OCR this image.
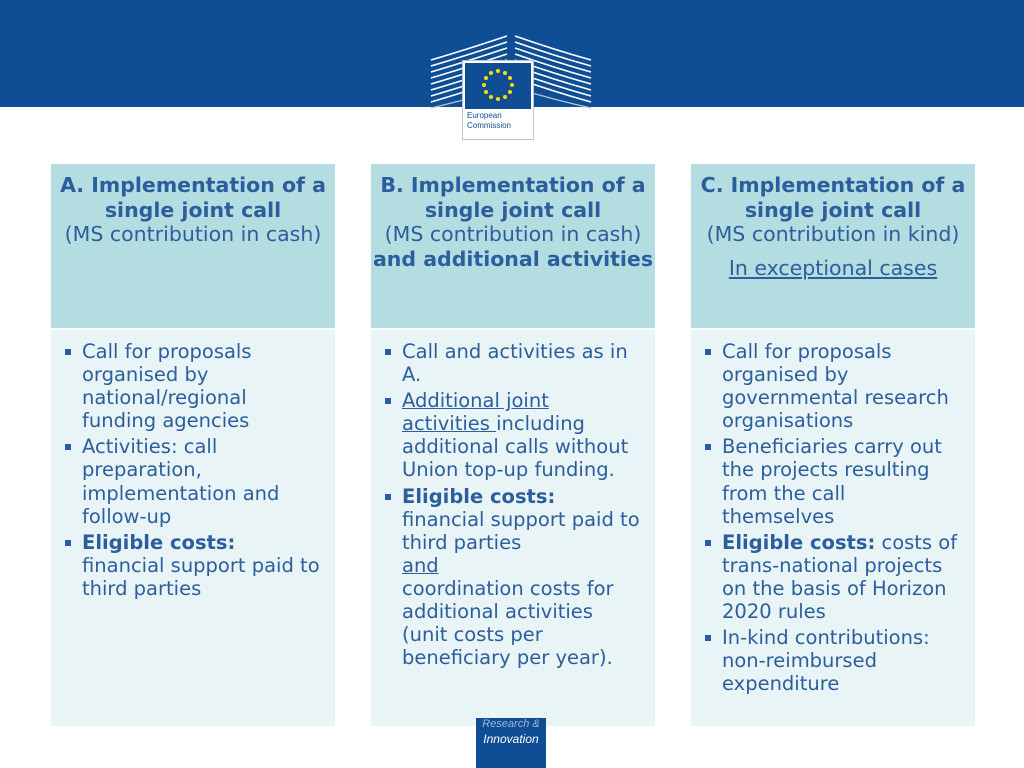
European
Commission
A. Implementation of a single joint call
(MS contribution in cash)
Call for proposals organised by national/regional funding agencies
Activities: call preparation, implementation and follow-up
Eligible costs: financial support paid to third parties
B. Implementation of a single joint call
(MS contribution in cash)
and additional activities
Call and activities as in A.
Additional joint activities including additional calls without Union top-up funding.
Eligible costs: financial support paid to third parties
and
coordination costs for additional activities (unit costs per beneficiary per year).
C. Implementation of a single joint call
(MS contribution in kind)
In exceptional cases
Call for proposals organised by governmental research organisations
Beneficiaries carry out the projects resulting from the call themselves
Eligible costs: costs of trans-national projects on the basis of Horizon 2020 rules
In-kind contributions: non-reimbursed expenditure
Research &
Innovation
